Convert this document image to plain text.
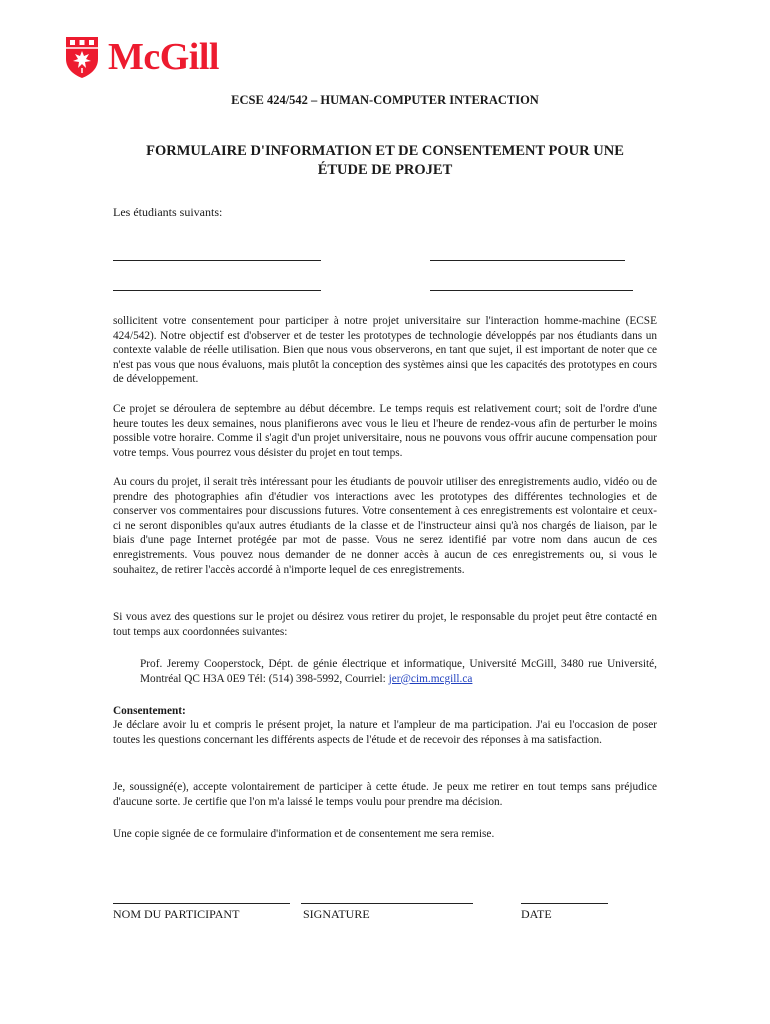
McGill
ECSE 424/542 – HUMAN-COMPUTER INTERACTION
FORMULAIRE D'INFORMATION ET DE CONSENTEMENT POUR UNE
ÉTUDE DE PROJET
Les étudiants suivants:
sollicitent votre consentement pour participer à notre projet universitaire sur l'interaction homme-machine (ECSE 424/542). Notre objectif est d'observer et de tester les prototypes de technologie développés par nos étudiants dans un contexte valable de réelle utilisation. Bien que nous vous observerons, en tant que sujet, il est important de noter que ce n'est pas vous que nous évaluons, mais plutôt la conception des systèmes ainsi que les capacités des prototypes en cours de développement.
Ce projet se déroulera de septembre au début décembre. Le temps requis est relativement court; soit de l'ordre d'une heure toutes les deux semaines, nous planifierons avec vous le lieu et l'heure de rendez-vous afin de perturber le moins possible votre horaire. Comme il s'agit d'un projet universitaire, nous ne pouvons vous offrir aucune compensation pour votre temps. Vous pourrez vous désister du projet en tout temps.
Au cours du projet, il serait très intéressant pour les étudiants de pouvoir utiliser des enregistrements audio, vidéo ou de prendre des photographies afin d'étudier vos interactions avec les prototypes des différentes technologies et de conserver vos commentaires pour discussions futures. Votre consentement à ces enregistrements est volontaire et ceux-ci ne seront disponibles qu'aux autres étudiants de la classe et de l'instructeur ainsi qu'à nos chargés de liaison, par le biais d'une page Internet protégée par mot de passe. Vous ne serez identifié par votre nom dans aucun de ces enregistrements. Vous pouvez nous demander de ne donner accès à aucun de ces enregistrements ou, si vous le souhaitez, de retirer l'accès accordé à n'importe lequel de ces enregistrements.
Si vous avez des questions sur le projet ou désirez vous retirer du projet, le responsable du projet peut être contacté en tout temps aux coordonnées suivantes:
Prof. Jeremy Cooperstock, Dépt. de génie électrique et informatique, Université McGill, 3480 rue Université, Montréal QC H3A 0E9 Tél: (514) 398-5992, Courriel: jer@cim.mcgill.ca
Consentement:
Je déclare avoir lu et compris le présent projet, la nature et l'ampleur de ma participation. J'ai eu l'occasion de poser toutes les questions concernant les différents aspects de l'étude et de recevoir des réponses à ma satisfaction.
Je, soussigné(e), accepte volontairement de participer à cette étude. Je peux me retirer en tout temps sans préjudice d'aucune sorte. Je certifie que l'on m'a laissé le temps voulu pour prendre ma décision.
Une copie signée de ce formulaire d'information et de consentement me sera remise.
NOM DU PARTICIPANT	SIGNATURE	DATE
